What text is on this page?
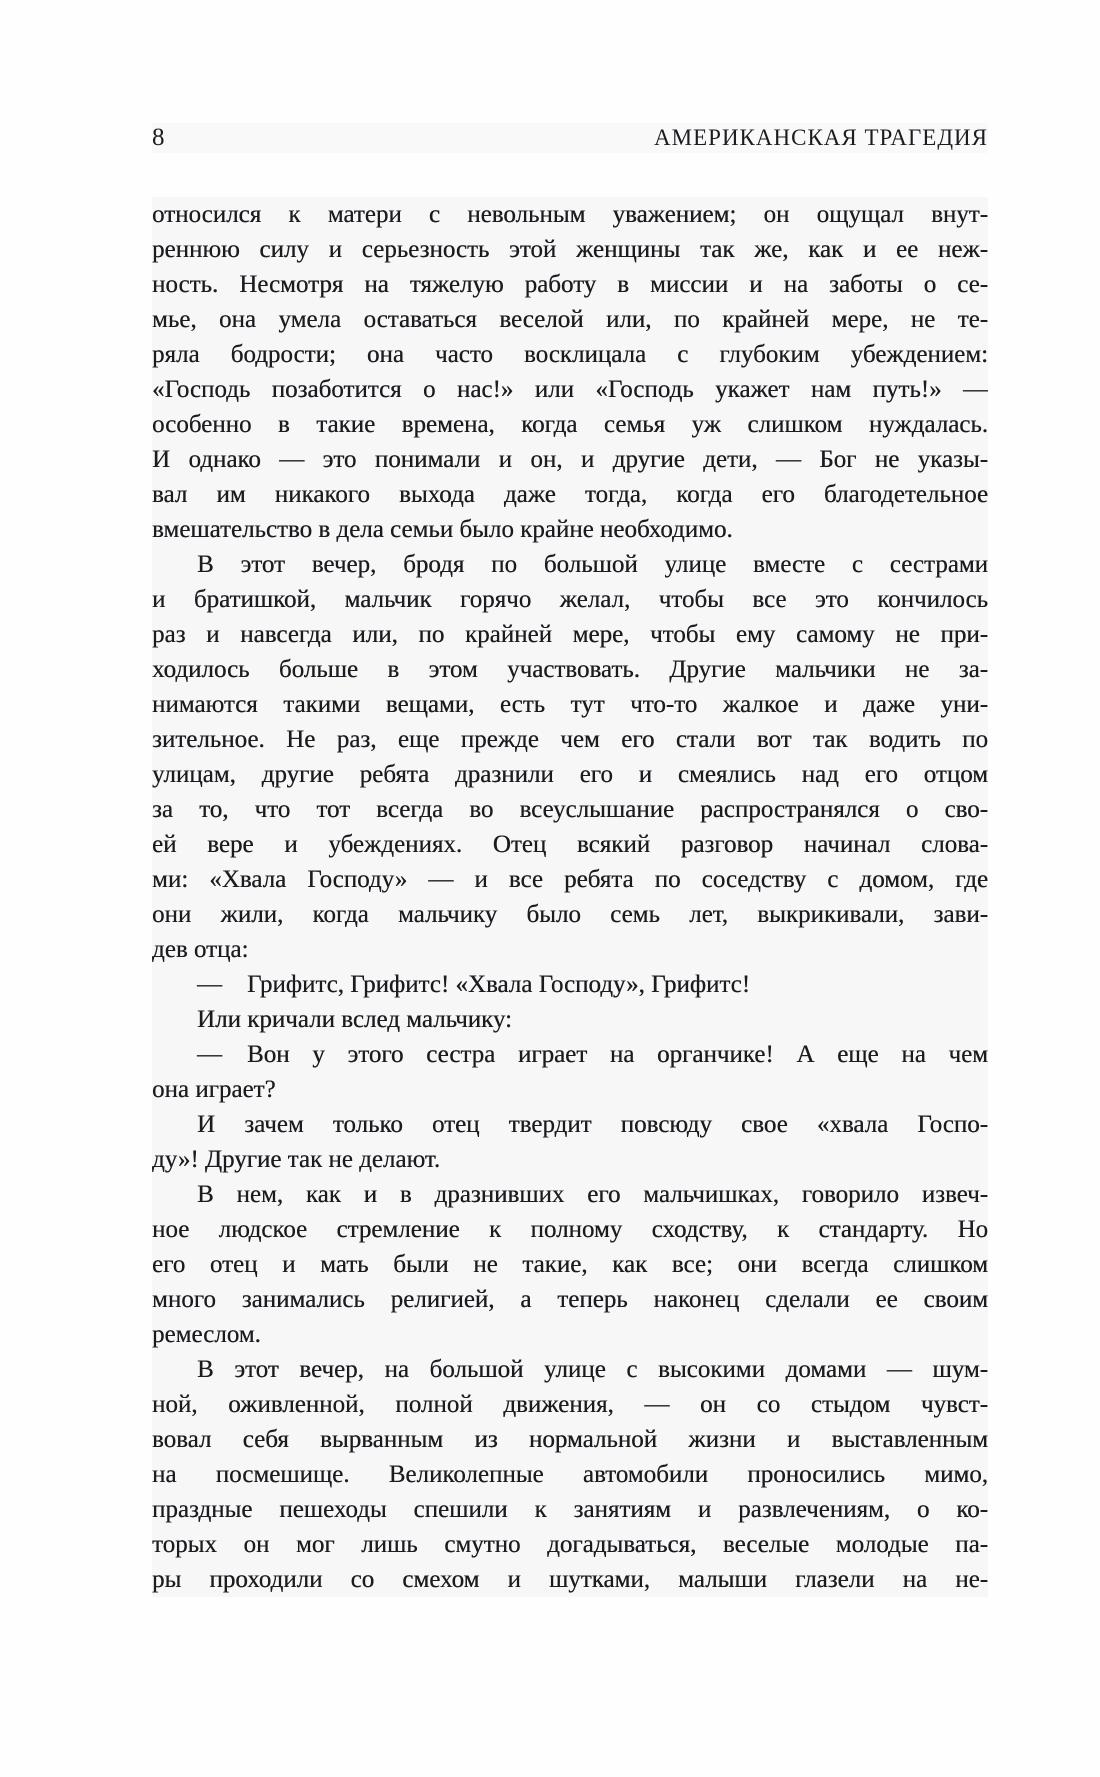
8	АМЕРИКАНСКАЯ ТРАГЕДИЯ
относился к матери с невольным уважением; он ощущал внут-
реннюю силу и серьезность этой женщины так же, как и ее неж-
ность. Несмотря на тяжелую работу в миссии и на заботы о се-
мье, она умела оставаться веселой или, по крайней мере, не те-
ряла бодрости; она часто восклицала с глубоким убеждением:
«Господь позаботится о нас!» или «Господь укажет нам путь!» —
особенно в такие времена, когда семья уж слишком нуждалась.
И однако — это понимали и он, и другие дети, — Бог не указы-
вал им никакого выхода даже тогда, когда его благодетельное
вмешательство в дела семьи было крайне необходимо.
В этот вечер, бродя по большой улице вместе с сестрами
и братишкой, мальчик горячо желал, чтобы все это кончилось
раз и навсегда или, по крайней мере, чтобы ему самому не при-
ходилось больше в этом участвовать. Другие мальчики не за-
нимаются такими вещами, есть тут что-то жалкое и даже уни-
зительное. Не раз, еще прежде чем его стали вот так водить по
улицам, другие ребята дразнили его и смеялись над его отцом
за то, что тот всегда во всеуслышание распространялся о сво-
ей вере и убеждениях. Отец всякий разговор начинал слова-
ми: «Хвала Господу» — и все ребята по соседству с домом, где
они жили, когда мальчику было семь лет, выкрикивали, зави-
дев отца:
— Грифитс, Грифитс! «Хвала Господу», Грифитс!
Или кричали вслед мальчику:
— Вон у этого сестра играет на органчике! А еще на чем
она играет?
И зачем только отец твердит повсюду свое «хвала Госпо-
ду»! Другие так не делают.
В нем, как и в дразнивших его мальчишках, говорило извеч-
ное людское стремление к полному сходству, к стандарту. Но
его отец и мать были не такие, как все; они всегда слишком
много занимались религией, а теперь наконец сделали ее своим
ремеслом.
В этот вечер, на большой улице с высокими домами — шум-
ной, оживленной, полной движения, — он со стыдом чувст-
вовал себя вырванным из нормальной жизни и выставленным
на посмешище. Великолепные автомобили проносились мимо,
праздные пешеходы спешили к занятиям и развлечениям, о ко-
торых он мог лишь смутно догадываться, веселые молодые па-
ры проходили со смехом и шутками, малыши глазели на не-
